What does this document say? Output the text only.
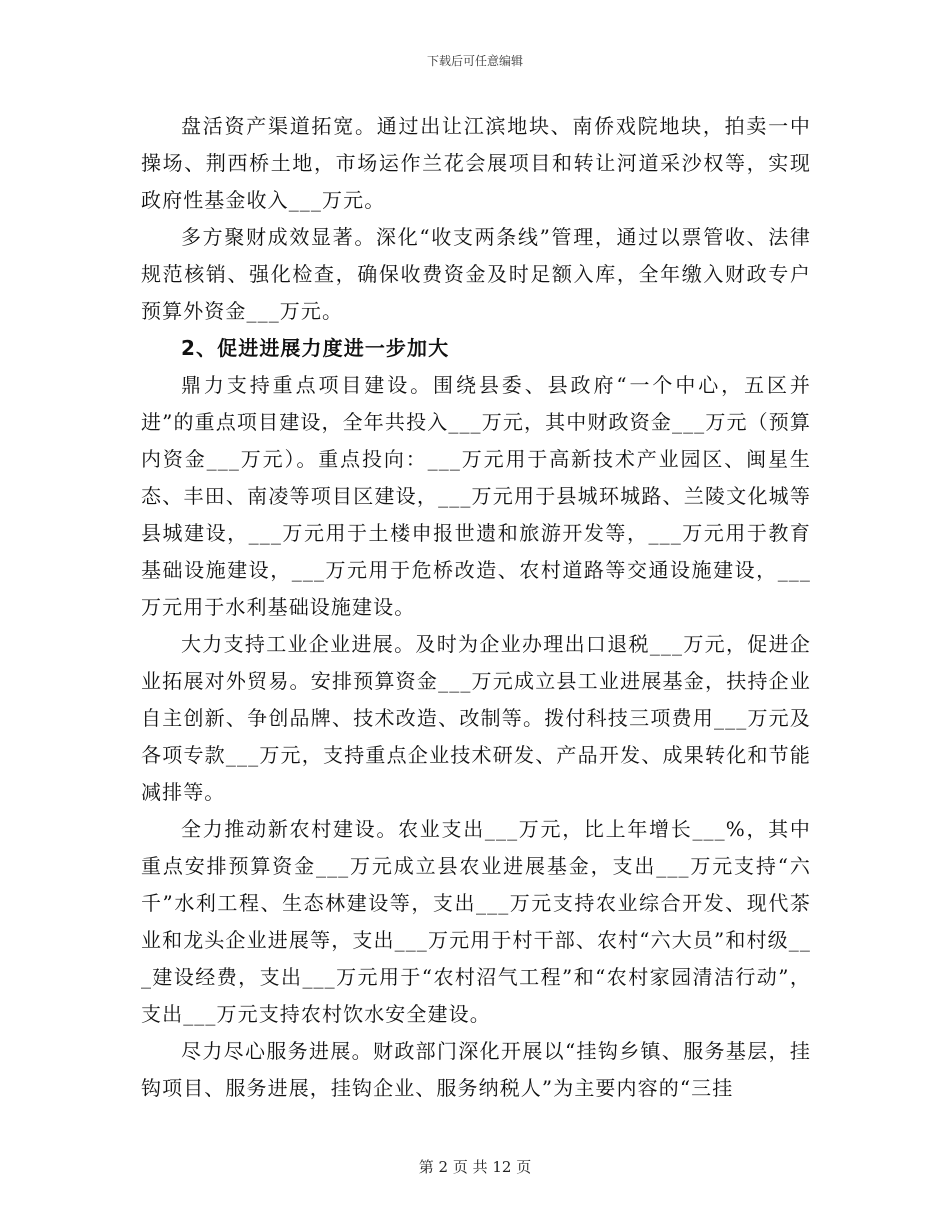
下载后可任意编辑

盘活资产渠道拓宽。通过出让江滨地块、南侨戏院地块，拍卖一中操场、荆西桥土地，市场运作兰花会展项目和转让河道采沙权等，实现政府性基金收入___万元。

多方聚财成效显著。深化“收支两条线”管理，通过以票管收、法律规范核销、强化检查，确保收费资金及时足额入库，全年缴入财政专户预算外资金___万元。

2、促进进展力度进一步加大

鼎力支持重点项目建设。围绕县委、县政府“一个中心，五区并进”的重点项目建设，全年共投入___万元，其中财政资金___万元（预算内资金___万元）。重点投向：___万元用于高新技术产业园区、闽星生态、丰田、南凌等项目区建设，___万元用于县城环城路、兰陵文化城等县城建设，___万元用于土楼申报世遗和旅游开发等，___万元用于教育基础设施建设，___万元用于危桥改造、农村道路等交通设施建设，___万元用于水利基础设施建设。

大力支持工业企业进展。及时为企业办理出口退税___万元，促进企业拓展对外贸易。安排预算资金___万元成立县工业进展基金，扶持企业自主创新、争创品牌、技术改造、改制等。拨付科技三项费用___万元及各项专款___万元，支持重点企业技术研发、产品开发、成果转化和节能减排等。

全力推动新农村建设。农业支出___万元，比上年增长___%，其中重点安排预算资金___万元成立县农业进展基金，支出___万元支持“六千”水利工程、生态林建设等，支出___万元支持农业综合开发、现代茶业和龙头企业进展等，支出___万元用于村干部、农村“六大员”和村级___建设经费，支出___万元用于“农村沼气工程”和“农村家园清洁行动”，支出___万元支持农村饮水安全建设。

尽力尽心服务进展。财政部门深化开展以“挂钩乡镇、服务基层，挂钩项目、服务进展，挂钩企业、服务纳税人”为主要内容的“三挂

第 2 页 共 12 页
